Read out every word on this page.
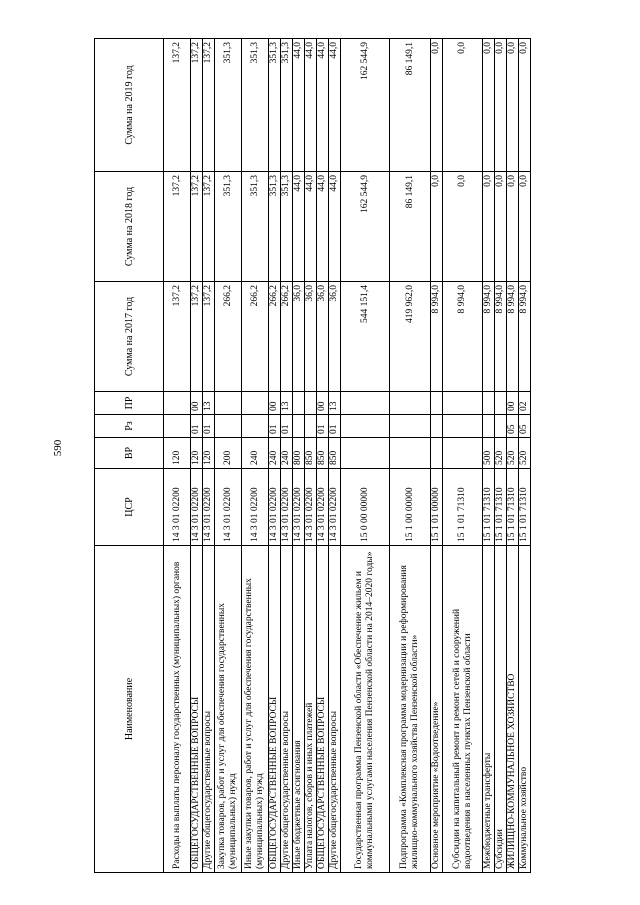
590
Наименование	ЦСР	ВР	Рз	ПР	Сумма на 2017 год	Сумма на 2018 год	Сумма на 2019 год
Расходы на выплаты персоналу государственных (муниципальных) органов	14 3 01 02200	120			137,2	137,2	137,2
ОБЩЕГОСУДАРСТВЕННЫЕ ВОПРОСЫ	14 3 01 02200	120	01	00	137,2	137,2	137,2
Другие общегосударственные вопросы	14 3 01 02200	120	01	13	137,2	137,2	137,2
Закупка товаров, работ и услуг для обеспечения государственных (муниципальных) нужд	14 3 01 02200	200			266,2	351,3	351,3
Иные закупки товаров, работ и услуг для обеспечения государственных (муниципальных) нужд	14 3 01 02200	240			266,2	351,3	351,3
ОБЩЕГОСУДАРСТВЕННЫЕ ВОПРОСЫ	14 3 01 02200	240	01	00	266,2	351,3	351,3
Другие общегосударственные вопросы	14 3 01 02200	240	01	13	266,2	351,3	351,3
Иные бюджетные ассигнования	14 3 01 02200	800			36,0	44,0	44,0
Уплата налогов, сборов и иных платежей	14 3 01 02200	850			36,0	44,0	44,0
ОБЩЕГОСУДАРСТВЕННЫЕ ВОПРОСЫ	14 3 01 02200	850	01	00	36,0	44,0	44,0
Другие общегосударственные вопросы	14 3 01 02200	850	01	13	36,0	44,0	44,0
Государственная программа Пензенской области «Обеспечение жильем и коммунальными услугами населения Пензенской области на 2014–2020 годы»	15 0 00 00000				544 151,4	162 544,9	162 544,9
Подпрограмма «Комплексная программа модернизации и реформирования жилищно-коммунального хозяйства Пензенской области»	15 1 00 00000				419 962,0	86 149,1	86 149,1
Основное мероприятие «Водоотведение»	15 1 01 00000				8 994,0	0,0	0,0
Субсидии на капитальный ремонт и ремонт сетей и сооружений водоотведения в населенных пунктах Пензенской области	15 1 01 71310				8 994,0	0,0	0,0
Межбюджетные трансферты	15 1 01 71310	500			8 994,0	0,0	0,0
Субсидии	15 1 01 71310	520			8 994,0	0,0	0,0
ЖИЛИЩНО-КОММУНАЛЬНОЕ ХОЗЯЙСТВО	15 1 01 71310	520	05	00	8 994,0	0,0	0,0
Коммунальное хозяйство	15 1 01 71310	520	05	02	8 994,0	0,0	0,0
